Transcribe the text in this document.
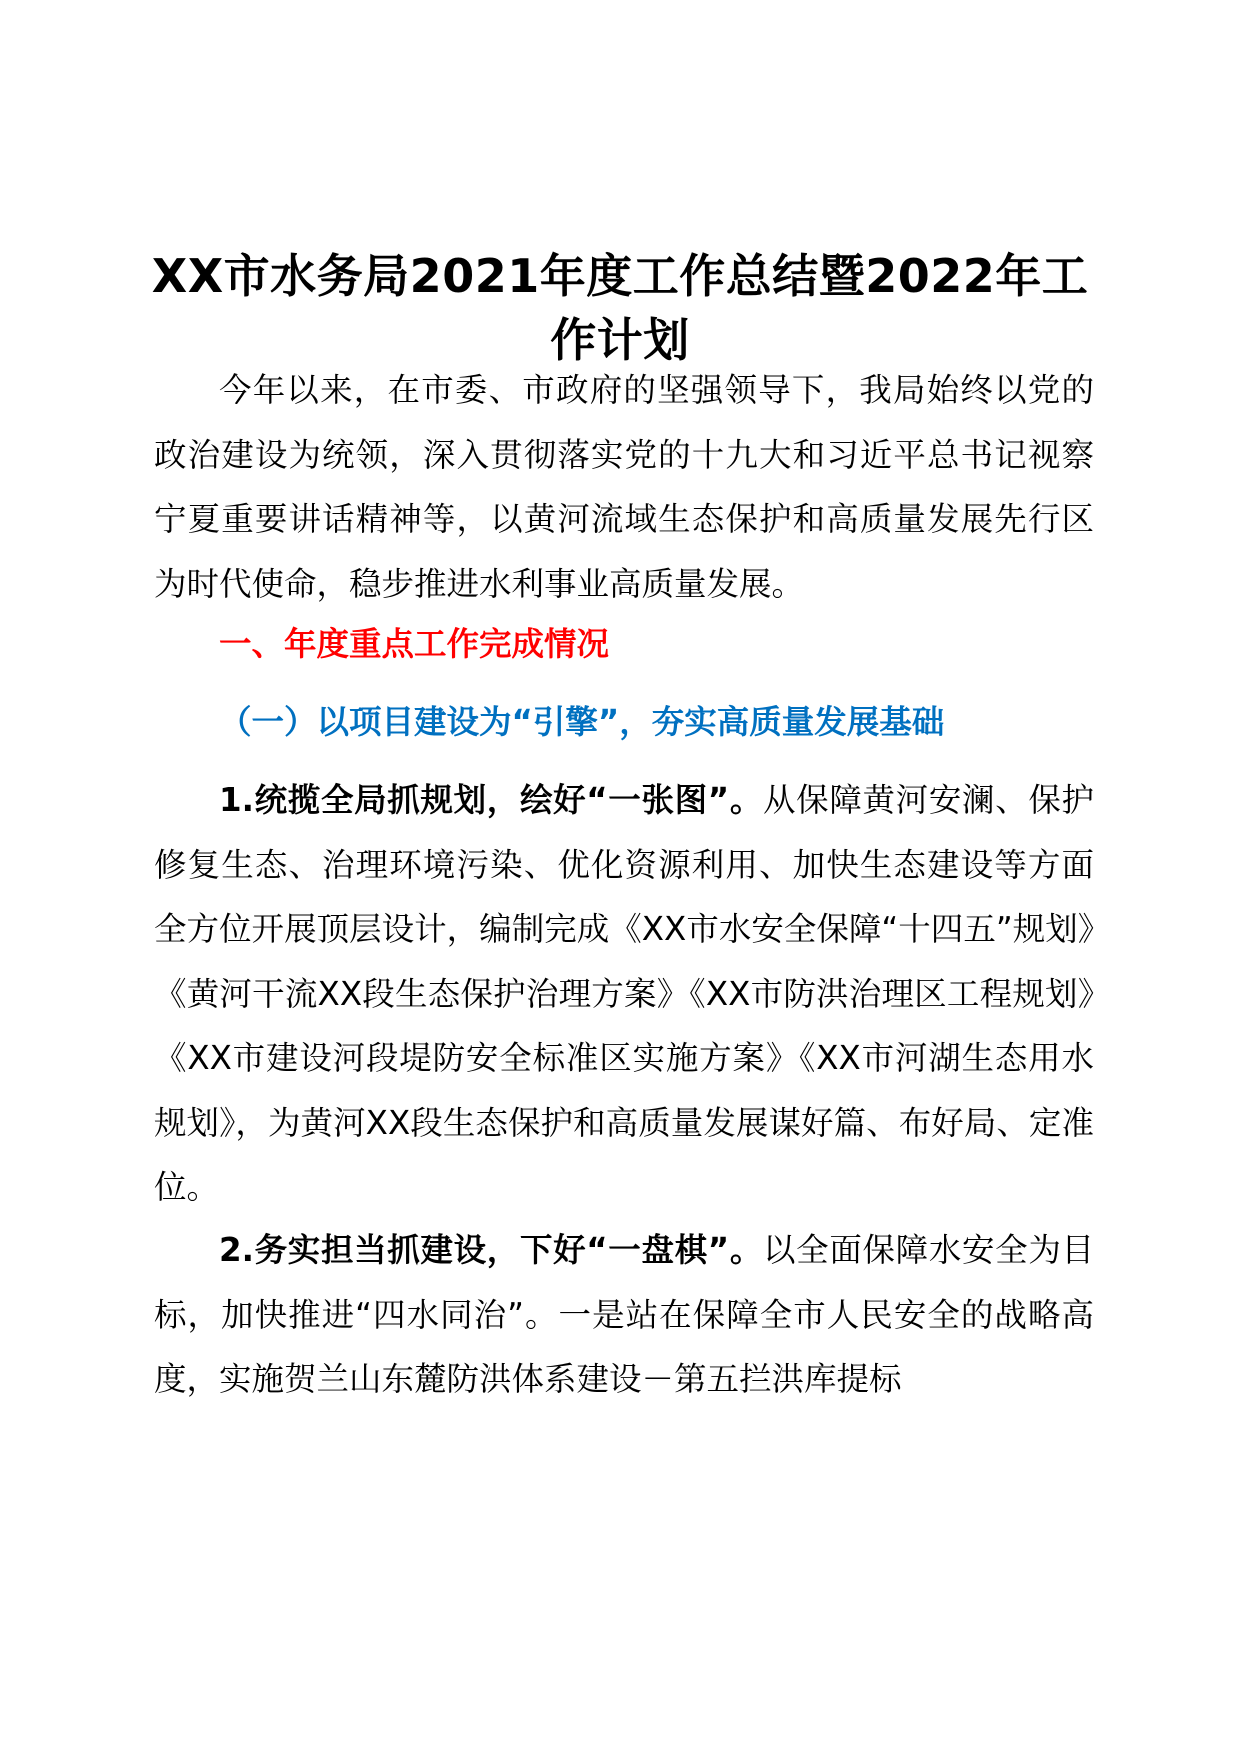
XX市水务局2021年度工作总结暨2022年工作计划

今年以来，在市委、市政府的坚强领导下，我局始终以党的政治建设为统领，深入贯彻落实党的十九大和习近平总书记视察宁夏重要讲话精神等，以黄河流域生态保护和高质量发展先行区为时代使命，稳步推进水利事业高质量发展。

一、年度重点工作完成情况
（一）以项目建设为“引擎”，夯实高质量发展基础

1.统揽全局抓规划，绘好“一张图”。从保障黄河安澜、保护修复生态、治理环境污染、优化资源利用、加快生态建设等方面全方位开展顶层设计，编制完成《XX市水安全保障“十四五”规划》《黄河干流XX段生态保护治理方案》《XX市防洪治理区工程规划》《XX市建设河段堤防安全标准区实施方案》《XX市河湖生态用水规划》，为黄河XX段生态保护和高质量发展谋好篇、布好局、定准位。

2.务实担当抓建设，下好“一盘棋”。以全面保障水安全为目标，加快推进“四水同治”。一是站在保障全市人民安全的战略高度，实施贺兰山东麓防洪体系建设－第五拦洪库提标
